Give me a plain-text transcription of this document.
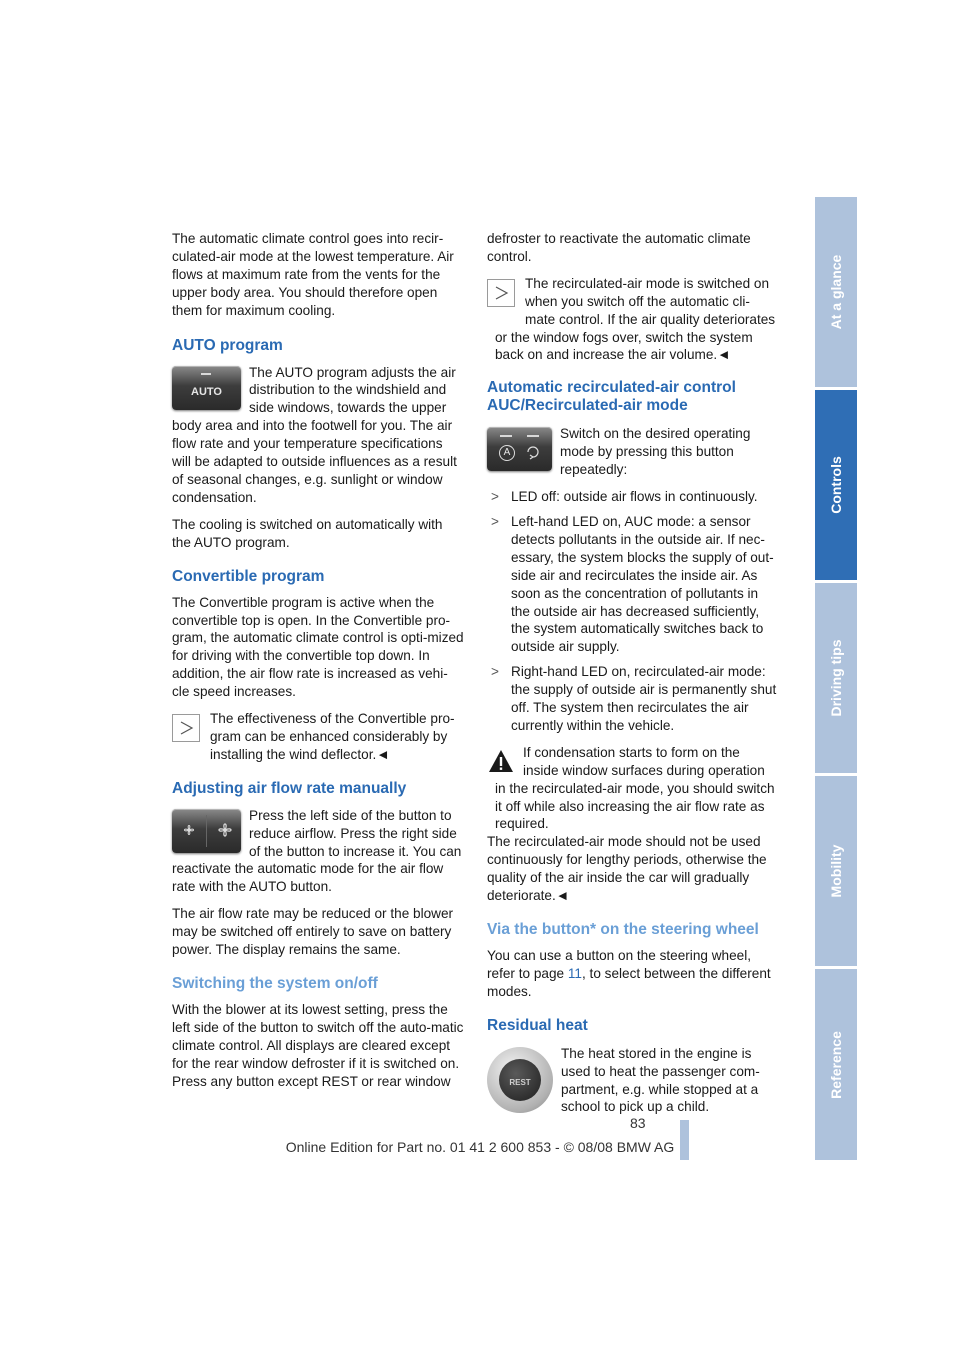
The automatic climate control goes into recir-culated-air mode at the lowest temperature. Air flows at maximum rate from the vents for the upper body area. You should therefore open them for maximum cooling.

AUTO program
AUTO

The AUTO program adjusts the air distribution to the windshield and side windows, towards the upper body area and into the footwell for you. The air flow rate and your temperature specifications will be adapted to outside influences as a result of seasonal changes, e.g. sunlight or window condensation.

The cooling is switched on automatically with the AUTO program.

Convertible program

The Convertible program is active when the convertible top is open. In the Convertible pro-gram, the automatic climate control is opti-mized for driving with the convertible top down. In addition, the air flow rate is increased as vehi-cle speed increases.

The effectiveness of the Convertible pro-gram can be enhanced considerably by installing the wind deflector.◄

Adjusting air flow rate manually

Press the left side of the button to reduce airflow. Press the right side of the button to increase it. You can reactivate the automatic mode for the air flow rate with the AUTO button.

The air flow rate may be reduced or the blower may be switched off entirely to save on battery power. The display remains the same.

Switching the system on/off

With the blower at its lowest setting, press the left side of the button to switch off the auto-matic climate control. All displays are cleared except for the rear window defroster if it is switched on.

Press any button except REST or rear window

defroster to reactivate the automatic climate control.

The recirculated-air mode is switched on when you switch off the automatic cli-mate control. If the air quality deteriorates or the window fogs over, switch the system back on and increase the air volume.◄

Automatic recirculated-air control
AUC/Recirculated-air mode
A

Switch on the desired operating mode by pressing this button repeatedly:

> LED off: outside air flows in continuously.
> Left-hand LED on, AUC mode: a sensor detects pollutants in the outside air. If nec-essary, the system blocks the supply of out-side air and recirculates the inside air. As soon as the concentration of pollutants in the outside air has decreased sufficiently, the system automatically switches back to outside air supply.
> Right-hand LED on, recirculated-air mode: the supply of outside air is permanently shut off. The system then recirculates the air currently within the vehicle.

If condensation starts to form on the inside window surfaces during operation in the recirculated-air mode, you should switch it off while also increasing the air flow rate as required.

The recirculated-air mode should not be used continuously for lengthy periods, otherwise the quality of the air inside the car will gradually deteriorate.◄

Via the button* on the steering wheel

You can use a button on the steering wheel, refer to page 11, to select between the different modes.

Residual heat
REST

The heat stored in the engine is used to heat the passenger com-partment, e.g. while stopped at a school to pick up a child.

At a glance
Controls
Driving tips
Mobility
Reference
83
Online Edition for Part no. 01 41 2 600 853 - © 08/08 BMW AG
